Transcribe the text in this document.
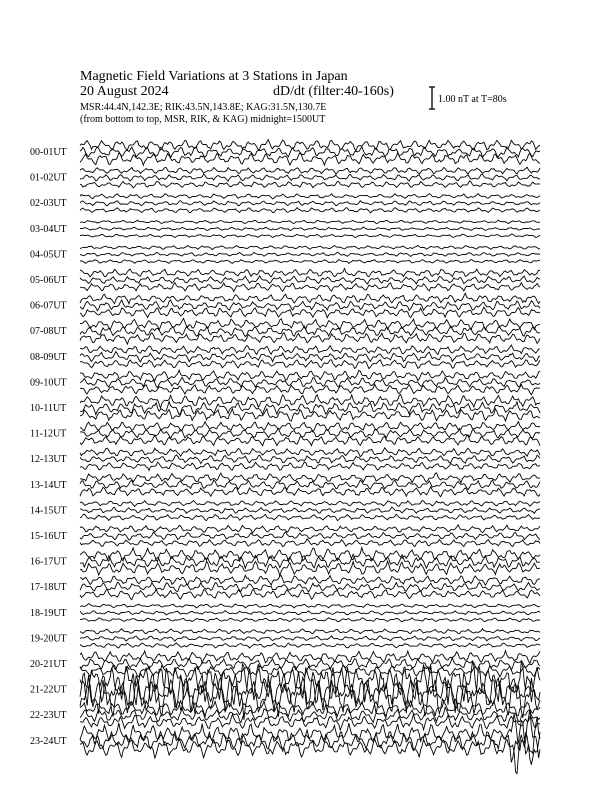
Magnetic Field Variations at 3 Stations in Japan
20 August 2024	dD/dt (filter:40-160s)
MSR:44.4N,142.3E; RIK:43.5N,143.8E; KAG:31.5N,130.7E
(from bottom to top, MSR, RIK, & KAG) midnight=1500UT
1.00 nT at T=80s
00-01UT
01-02UT
02-03UT
03-04UT
04-05UT
05-06UT
06-07UT
07-08UT
08-09UT
09-10UT
10-11UT
11-12UT
12-13UT
13-14UT
14-15UT
15-16UT
16-17UT
17-18UT
18-19UT
19-20UT
20-21UT
21-22UT
22-23UT
23-24UT
